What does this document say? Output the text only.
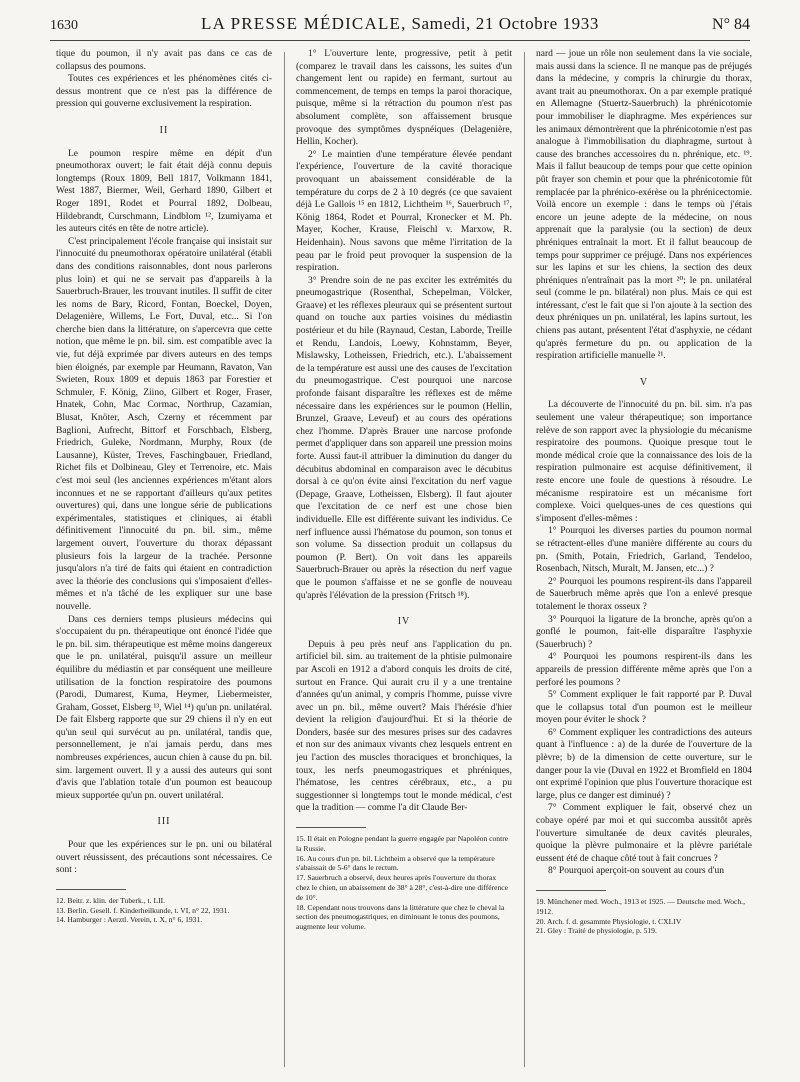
1630	LA PRESSE MÉDICALE, Samedi, 21 Octobre 1933	N° 84

tique du poumon, il n'y avait pas dans ce cas de collapsus des poumons.

Toutes ces expériences et les phénomènes cités ci-dessus montrent que ce n'est pas la différence de pression qui gouverne exclusivement la respiration.

II

Le poumon respire même en dépit d'un pneumothorax ouvert; le fait était déjà connu depuis longtemps (Roux 1809, Bell 1817, Volkmann 1841, West 1887, Biermer, Weil, Gerhard 1890, Gilbert et Roger 1891, Rodet et Pourral 1892, Dolbeau, Hildebrandt, Curschmann, Lindblom ¹², Izumiyama et les auteurs cités en tête de notre article).

C'est principalement l'école française qui insistait sur l'innocuité du pneumothorax opératoire unilatéral (établi dans des conditions raisonnables, dont nous parlerons plus loin) et qui ne se servait pas d'appareils à la Sauerbruch-Brauer, les trouvant inutiles. Il suffit de citer les noms de Bary, Ricord, Fontan, Boeckel, Doyen, Delagenière, Willems, Le Fort, Duval, etc... Si l'on cherche bien dans la littérature, on s'apercevra que cette notion, que même le pn. bil. sim. est compatible avec la vie, fut déjà exprimée par divers auteurs en des temps bien éloignés, par exemple par Heumann, Ravaton, Van Swieten, Roux 1809 et depuis 1863 par Forestier et Schmuler, F. König, Ziino, Gilbert et Roger, Fraser, Hnatek, Cohn, Mac Cormac, Northrup, Cazamian, Blusat, Knöter, Asch, Czerny et récemment par Baglioni, Aufrecht, Bittorf et Forschbach, Elsberg, Friedrich, Guleke, Nordmann, Murphy, Roux (de Lausanne), Küster, Treves, Faschingbauer, Friedland, Richet fils et Dolbineau, Gley et Terrenoire, etc. Mais c'est moi seul (les anciennes expériences m'étant alors inconnues et ne se rapportant d'ailleurs qu'aux petites ouvertures) qui, dans une longue série de publications expérimentales, statistiques et cliniques, ai établi définitivement l'innocuité du pn. bil. sim., même largement ouvert, l'ouverture du thorax dépassant plusieurs fois la largeur de la trachée. Personne jusqu'alors n'a tiré de faits qui étaient en contradiction avec la théorie des conclusions qui s'imposaient d'elles-mêmes et n'a tâché de les expliquer sur une base nouvelle.

Dans ces derniers temps plusieurs médecins qui s'occupaient du pn. thérapeutique ont énoncé l'idée que le pn. bil. sim. thérapeutique est même moins dangereux que le pn. unilatéral, puisqu'il assure un meilleur équilibre du médiastin et par conséquent une meilleure utilisation de la fonction respiratoire des poumons (Parodi, Dumarest, Kuma, Heymer, Liebermeister, Graham, Gosset, Elsberg ¹³, Wiel ¹⁴) qu'un pn. unilatéral. De fait Elsberg rapporte que sur 29 chiens il n'y en eut qu'un seul qui survécut au pn. unilatéral, tandis que, personnellement, je n'ai jamais perdu, dans mes nombreuses expériences, aucun chien à cause du pn. bil. sim. largement ouvert. Il y a aussi des auteurs qui sont d'avis que l'ablation totale d'un poumon est beaucoup mieux supportée qu'un pn. ouvert unilatéral.

III

Pour que les expériences sur le pn. uni ou bilatéral ouvert réussissent, des précautions sont nécessaires. Ce sont :

12. Beitr. z. klin. der Tuberk., t. LII.
13. Berlin. Gesell. f. Kinderheilkunde, t. VI, n° 22, 1931.
14. Hamburger : Aerztl. Verein, t. X, n° 6, 1931.

1° L'ouverture lente, progressive, petit à petit (comparez le travail dans les caissons, les suites d'un changement lent ou rapide) en fermant, surtout au commencement, de temps en temps la paroi thoracique, puisque, même si la rétraction du poumon n'est pas absolument complète, son affaissement brusque provoque des symptômes dyspnéiques (Delagenière, Hellin, Kocher).

2° Le maintien d'une température élevée pendant l'expérience, l'ouverture de la cavité thoracique provoquant un abaissement considérable de la température du corps de 2 à 10 degrés (ce que savaient déjà Le Gallois ¹⁵ en 1812, Lichtheim ¹⁶, Sauerbruch ¹⁷, König 1864, Rodet et Pourral, Kronecker et M. Ph. Mayer, Kocher, Krause, Fleischl v. Marxow, R. Heidenhain). Nous savons que même l'irritation de la peau par le froid peut provoquer la suspension de la respiration.

3° Prendre soin de ne pas exciter les extrémités du pneumogastrique (Rosenthal, Schepelman, Völcker, Graave) et les réflexes pleuraux qui se présentent surtout quand on touche aux parties voisines du médiastin postérieur et du hile (Raynaud, Cestan, Laborde, Treille et Rendu, Landois, Loewy, Kohnstamm, Beyer, Mislawsky, Lotheissen, Friedrich, etc.). L'abaissement de la température est aussi une des causes de l'excitation du pneumogastrique. C'est pourquoi une narcose profonde faisant disparaître les réflexes est de même nécessaire dans les expériences sur le poumon (Hellin, Brunzel, Graave, Leveuf) et au cours des opérations chez l'homme. D'après Brauer une narcose profonde permet d'appliquer dans son appareil une pression moins forte. Aussi faut-il attribuer la diminution du danger du décubitus abdominal en comparaison avec le décubitus dorsal à ce qu'on évite ainsi l'excitation du nerf vague (Depage, Graave, Lotheissen, Elsberg). Il faut ajouter que l'excitation de ce nerf est une chose bien individuelle. Elle est différente suivant les individus. Ce nerf influence aussi l'hématose du poumon, son tonus et son volume. Sa dissection produit un collapsus du poumon (P. Bert). On voit dans les appareils Sauerbruch-Brauer ou après la résection du nerf vague que le poumon s'affaisse et ne se gonfle de nouveau qu'après l'élévation de la pression (Fritsch ¹⁸).

IV

Depuis à peu près neuf ans l'application du pn. artificiel bil. sim. au traitement de la phtisie pulmonaire par Ascoli en 1912 a d'abord conquis les droits de cité, surtout en France. Qui aurait cru il y a une trentaine d'années qu'un animal, y compris l'homme, puisse vivre avec un pn. bil., même ouvert? Mais l'hérésie d'hier devient la religion d'aujourd'hui. Et si la théorie de Donders, basée sur des mesures prises sur des cadavres et non sur des animaux vivants chez lesquels entrent en jeu l'action des muscles thoraciques et bronchiques, la toux, les nerfs pneumogastriques et phréniques, l'hématose, les centres cérébraux, etc., a pu suggestionner si longtemps tout le monde médical, c'est que la tradition — comme l'a dit Claude Ber-

15. Il était en Pologne pendant la guerre engagée par Napoléon contre la Russie.
16. Au cours d'un pn. bil. Lichtheim a observé que la température s'abaissait de 5-6° dans le rectum.
17. Sauerbruch a observé, deux heures après l'ouverture du thorax chez le chien, un abaissement de 38° à 28°, c'est-à-dire une différence de 10°.
18. Cependant nous trouvons dans la littérature que chez le cheval la section des pneumogastriques, en diminuant le tonus des poumons, augmente leur volume.

nard — joue un rôle non seulement dans la vie sociale, mais aussi dans la science. Il ne manque pas de préjugés dans la médecine, y compris la chirurgie du thorax, avant trait au pneumothorax. On a par exemple pratiqué en Allemagne (Stuertz-Sauerbruch) la phrénicotomie pour immobiliser le diaphragme. Mes expériences sur les animaux démontrèrent que la phrénicotomie n'est pas analogue à l'immobilisation du diaphragme, surtout à cause des branches accessoires du n. phrénique, etc. ¹⁹. Mais il fallut beaucoup de temps pour que cette opinion pût frayer son chemin et pour que la phrénicotomie fût remplacée par la phrénico-exérèse ou la phrénicectomie. Voilà encore un exemple : dans le temps où j'étais encore un jeune adepte de la médecine, on nous apprenait que la paralysie (ou la section) de deux phréniques entraînait la mort. Et il fallut beaucoup de temps pour supprimer ce préjugé. Dans nos expériences sur les lapins et sur les chiens, la section des deux phréniques n'entraînait pas la mort ²⁰; le pn. unilatéral seul (comme le pn. bilatéral) non plus. Mais ce qui est intéressant, c'est le fait que si l'on ajoute à la section des deux phréniques un pn. unilatéral, les lapins surtout, les chiens pas autant, présentent l'état d'asphyxie, ne cédant qu'après fermeture du pn. ou application de la respiration artificielle manuelle ²¹.

V

La découverte de l'innocuité du pn. bil. sim. n'a pas seulement une valeur thérapeutique; son importance relève de son rapport avec la physiologie du mécanisme respiratoire des poumons. Quoique presque tout le monde médical croie que la connaissance des lois de la respiration pulmonaire est acquise définitivement, il reste encore une foule de questions à résoudre. Le mécanisme respiratoire est un mécanisme fort complexe. Voici quelques-unes de ces questions qui s'imposent d'elles-mêmes :

1° Pourquoi les diverses parties du poumon normal se rétractent-elles d'une manière différente au cours du pn. (Smith, Potain, Friedrich, Garland, Tendeloo, Rosenbach, Nitsch, Muralt, M. Jansen, etc...) ?

2° Pourquoi les poumons respirent-ils dans l'appareil de Sauerbruch même après que l'on a enlevé presque totalement le thorax osseux ?

3° Pourquoi la ligature de la bronche, après qu'on a gonflé le poumon, fait-elle disparaître l'asphyxie (Sauerbruch) ?

4° Pourquoi les poumons respirent-ils dans les appareils de pression différente même après que l'on a perforé les poumons ?

5° Comment expliquer le fait rapporté par P. Duval que le collapsus total d'un poumon est le meilleur moyen pour éviter le shock ?

6° Comment expliquer les contradictions des auteurs quant à l'influence : a) de la durée de l'ouverture de la plèvre; b) de la dimension de cette ouverture, sur le danger pour la vie (Duval en 1922 et Bromfield en 1804 ont exprimé l'opinion que plus l'ouverture thoracique est large, plus ce danger est diminué) ?

7° Comment expliquer le fait, observé chez un cobaye opéré par moi et qui succomba aussitôt après l'ouverture simultanée de deux cavités pleurales, quoique la plèvre pulmonaire et la plèvre pariétale eussent été de chaque côté tout à fait concrues ?

8° Pourquoi aperçoit-on souvent au cours d'un

19. Münchener med. Woch., 1913 et 1925. — Deutsche med. Woch., 1912.
20. Arch. f. d. gesammte Physiologie, t. CXLIV
21. Gley : Traité de physiologie, p. 519.
